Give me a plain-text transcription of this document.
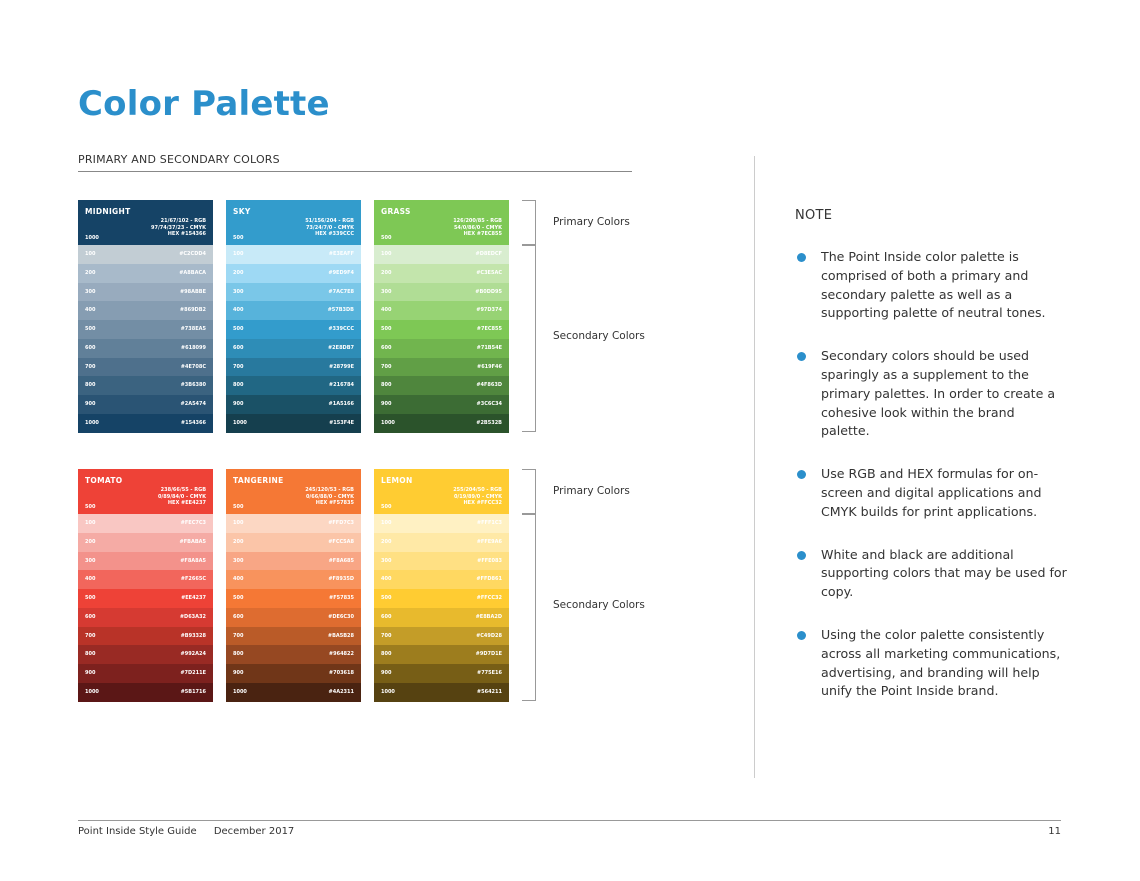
Color Palette
PRIMARY AND SECONDARY COLORS
MIDNIGHT
21/67/102 - RGB
97/74/37/23 - CMYK
HEX #154366
1000
100	#C2CDD4
200	#A8BACA
300	#98ABBE
400	#869DB2
500	#738EA5
600	#618099
700	#4E708C
800	#3B6380
900	#2A5474
1000	#154366
SKY
51/156/204 - RGB
73/24/7/0 - CMYK
HEX #339CCC
500
100	#E3EAFF
200	#9ED9F4
300	#7AC7E8
400	#57B3DB
500	#339CCC
600	#2E8DB7
700	#28799E
800	#216784
900	#1A5166
1000	#153F4E
GRASS
126/200/85 - RGB
54/0/86/0 - CMYK
HEX #7EC855
500
100	#D8EDCF
200	#C3E5AC
300	#B0DD95
400	#97D374
500	#7EC855
600	#71B54E
700	#619F46
800	#4F863D
900	#3C6C34
1000	#2B532B
TOMATO
238/66/55 - RGB
0/89/84/0 - CMYK
HEX #EE4237
500
100	#FEC7C3
200	#FBABA5
300	#F8A8A5
400	#F2665C
500	#EE4237
600	#D63A32
700	#B93328
800	#992A24
900	#7D211E
1000	#5B1716
TANGERINE
245/120/53 - RGB
0/66/88/0 - CMYK
HEX #F57835
500
100	#FFD7C3
200	#FCC5A8
300	#F8A685
400	#F8935D
500	#F57835
600	#DE6C30
700	#BA5B28
800	#964822
900	#703618
1000	#4A2311
LEMON
255/204/50 - RGB
0/19/89/0 - CMYK
HEX #FFCC32
500
100	#FFF1C3
200	#FFE9A6
300	#FFE083
400	#FFD861
500	#FFCC32
600	#E8BA2D
700	#C49D28
800	#9D7D1E
900	#775E16
1000	#564211
Primary Colors
Secondary Colors
Primary Colors
Secondary Colors
NOTE
The Point Inside color palette is comprised of both a primary and secondary palette as well as a supporting palette of neutral tones.
Secondary colors should be used sparingly as a supplement to the primary palettes. In order to create a cohesive look within the brand palette.
Use RGB and HEX formulas for on-screen and digital applications and CMYK builds for print applications.
White and black are additional supporting colors that may be used for copy.
Using the color palette consistently across all marketing communications, advertising, and branding will help unify the Point Inside brand.
Point Inside Style Guide December 2017	11
